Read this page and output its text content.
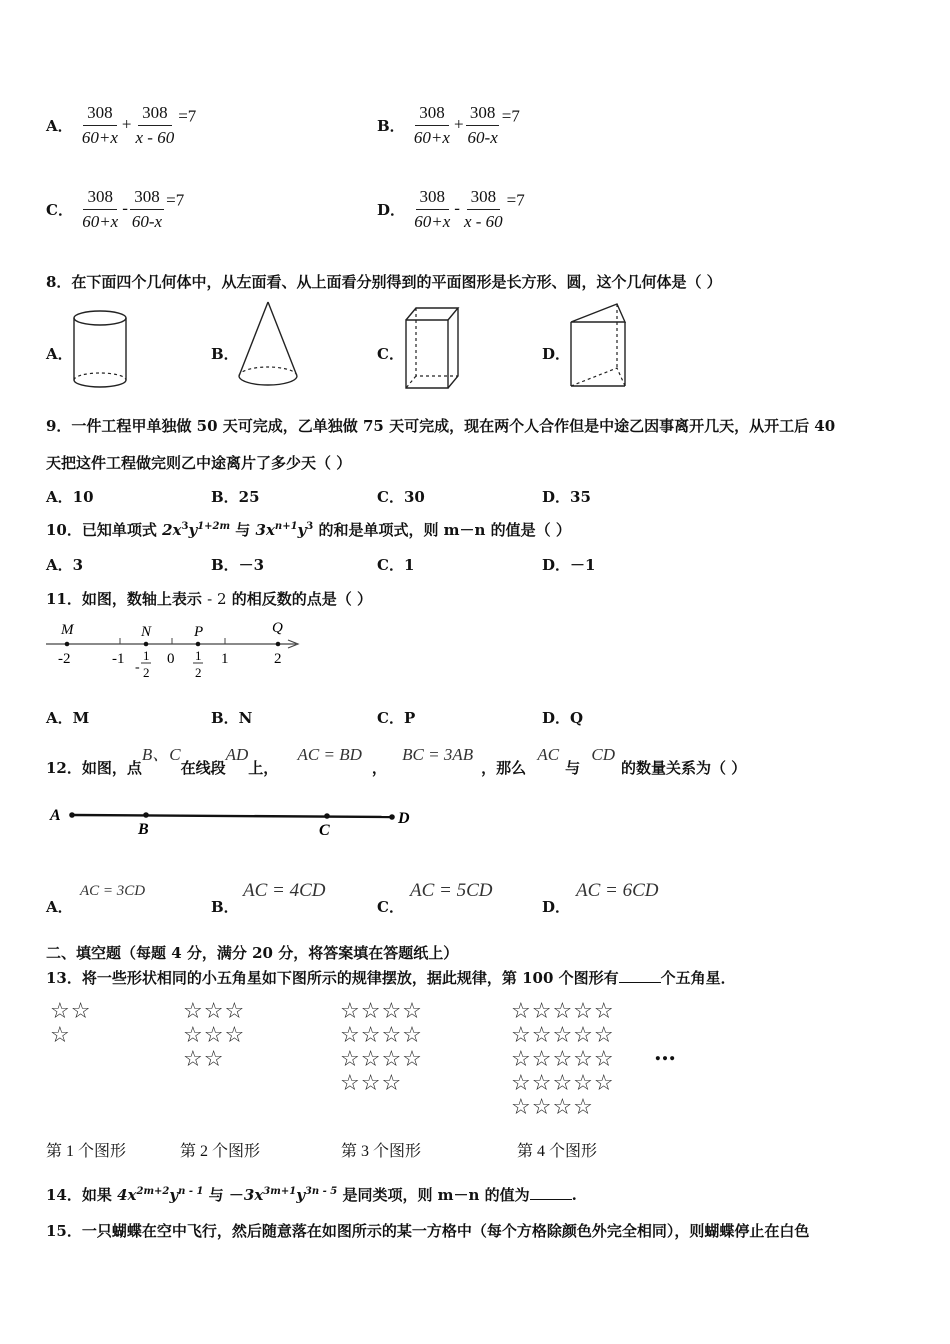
A． $\frac{308}{60+x} + \frac{308}{x - 60} =7$
B． $\frac{308}{60+x} + \frac{308}{60-x} =7$
C． $\frac{308}{60+x} - \frac{308}{60-x} =7$
D． $\frac{308}{60+x} - \frac{308}{x - 60} =7$
8．在下面四个几何体中，从左面看、从上面看分别得到的平面图形是长方形、圆，这个几何体是（ ）
A．	B．	C．	D．
9．一件工程甲单独做 50 天可完成，乙单独做 75 天可完成，现在两个人合作但是中途乙因事离开几天，从开工后 40
天把这件工程做完则乙中途离片了多少天（ ）
A．10	B．25	C．30	D．35
10．已知单项式 $2x^3y^{1+2m}$ 与 $3x^{n+1}y^3$ 的和是单项式，则 m－n 的值是（ ）
A．3	B．－3	C．1	D．－1
11．如图，数轴上表示 - 2 的相反数的点是（ ）
M	N	P	Q
-2	-1	0	1	2
-
1
2
1
2
A．M	B．N	C．P	D．Q
12．如图，点B、C在线段AD上， AC = BD， BC = 3AB，那么 AC与 CD的数量关系为（ ）
A
B	C
D
A．
AC = 3CD
B．
AC = 4CD
C．
AC = 5CD
D．
AC = 6CD
二、填空题（每题 4 分，满分 20 分，将答案填在答题纸上）
13．将一些形状相同的小五角星如下图所示的规律摆放，据此规律，第 100 个图形有	个五角星．
☆☆
☆
☆☆☆
☆☆☆
☆☆
☆☆☆☆
☆☆☆☆
☆☆☆☆
☆☆☆
☆☆☆☆☆
☆☆☆☆☆
☆☆☆☆☆
☆☆☆☆☆
☆☆☆☆
…
第 1 个图形	第 2 个图形	第 3 个图形	第 4 个图形
14．如果 $4x^{2m+2}y^{n - 1}$ 与 $-3x^{3m+1}y^{3n - 5}$ 是同类项，则 m－n 的值为	.
15．一只蝴蝶在空中飞行，然后随意落在如图所示的某一方格中（每个方格除颜色外完全相同），则蝴蝶停止在白色
